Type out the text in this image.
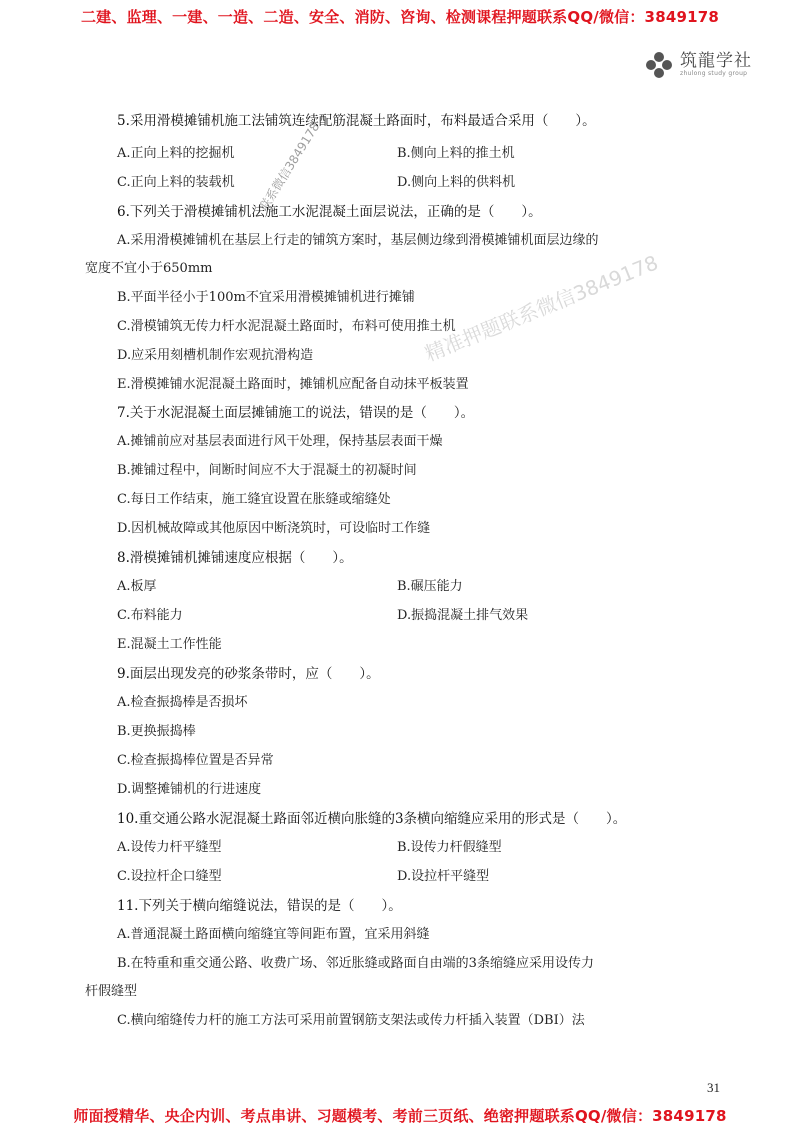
二建、监理、一建、一造、二造、安全、消防、咨询、检测课程押题联系QQ/微信：3849178
筑龍学社
zhulong study group
精准押题联系微信3849178
联系微信3849178
5.采用滑模摊铺机施工法铺筑连续配筋混凝土路面时，布料最适合采用（　　）。
A.正向上料的挖掘机	B.侧向上料的推土机
C.正向上料的装载机	D.侧向上料的供料机
6.下列关于滑模摊铺机法施工水泥混凝土面层说法，正确的是（　　）。
A.采用滑模摊铺机在基层上行走的铺筑方案时，基层侧边缘到滑模摊铺机面层边缘的
宽度不宜小于650mm
B.平面半径小于100m不宜采用滑模摊铺机进行摊铺
C.滑模铺筑无传力杆水泥混凝土路面时，布料可使用推土机
D.应采用刻槽机制作宏观抗滑构造
E.滑模摊铺水泥混凝土路面时，摊铺机应配备自动抹平板装置
7.关于水泥混凝土面层摊铺施工的说法，错误的是（　　）。
A.摊铺前应对基层表面进行风干处理，保持基层表面干燥
B.摊铺过程中，间断时间应不大于混凝土的初凝时间
C.每日工作结束，施工缝宜设置在胀缝或缩缝处
D.因机械故障或其他原因中断浇筑时，可设临时工作缝
8.滑模摊铺机摊铺速度应根据（　　）。
A.板厚	B.碾压能力
C.布料能力	D.振捣混凝土排气效果
E.混凝土工作性能
9.面层出现发亮的砂浆条带时，应（　　）。
A.检查振捣棒是否损坏
B.更换振捣棒
C.检查振捣棒位置是否异常
D.调整摊铺机的行进速度
10.重交通公路水泥混凝土路面邻近横向胀缝的3条横向缩缝应采用的形式是（　　）。
A.设传力杆平缝型	B.设传力杆假缝型
C.设拉杆企口缝型	D.设拉杆平缝型
11.下列关于横向缩缝说法，错误的是（　　）。
A.普通混凝土路面横向缩缝宜等间距布置，宜采用斜缝
B.在特重和重交通公路、收费广场、邻近胀缝或路面自由端的3条缩缝应采用设传力
杆假缝型
C.横向缩缝传力杆的施工方法可采用前置钢筋支架法或传力杆插入装置（DBI）法
31
师面授精华、央企内训、考点串讲、习题模考、考前三页纸、绝密押题联系QQ/微信：3849178
